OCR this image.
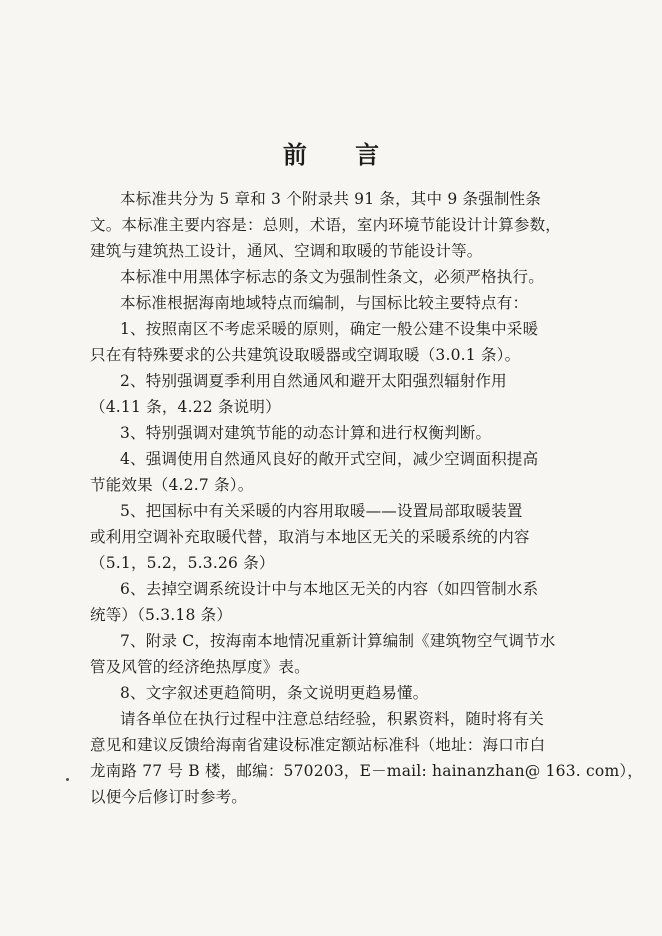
前 言
本标准共分为 5 章和 3 个附录共 91 条，其中 9 条强制性条
文。本标准主要内容是：总则，术语，室内环境节能设计计算参数，
建筑与建筑热工设计，通风、空调和取暖的节能设计等。
本标准中用黑体字标志的条文为强制性条文，必须严格执行。
本标准根据海南地域特点而编制，与国标比较主要特点有：
1、按照南区不考虑采暖的原则，确定一般公建不设集中采暖
只在有特殊要求的公共建筑设取暖器或空调取暖（3.0.1 条）。
2、特别强调夏季利用自然通风和避开太阳强烈辐射作用
（4.11 条，4.22 条说明）
3、特别强调对建筑节能的动态计算和进行权衡判断。
4、强调使用自然通风良好的敞开式空间，减少空调面积提高
节能效果（4.2.7 条）。
5、把国标中有关采暖的内容用取暖——设置局部取暖装置
或利用空调补充取暖代替，取消与本地区无关的采暖系统的内容
（5.1，5.2，5.3.26 条）
6、去掉空调系统设计中与本地区无关的内容（如四管制水系
统等）（5.3.18 条）
7、附录 C，按海南本地情况重新计算编制《建筑物空气调节水
管及风管的经济绝热厚度》表。
8、文字叙述更趋简明，条文说明更趋易懂。
请各单位在执行过程中注意总结经验，积累资料，随时将有关
意见和建议反馈给海南省建设标准定额站标准科（地址：海口市白
龙南路 77 号 B 楼，邮编：570203，E－mail: hainanzhan@ 163. com），
以便今后修订时参考。
